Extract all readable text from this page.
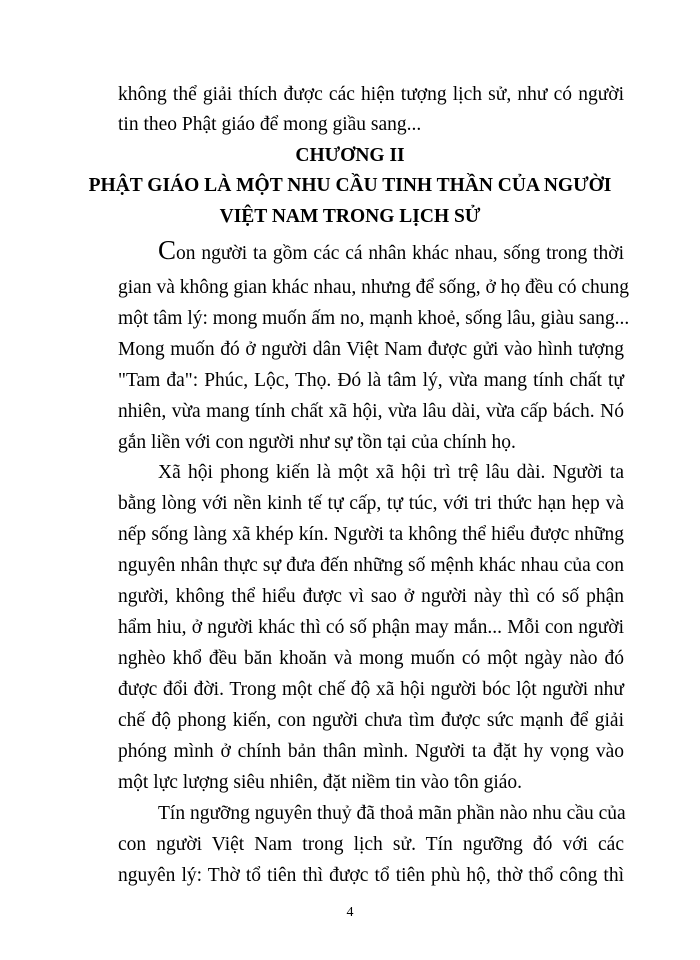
không thể giải thích được các hiện tượng lịch sử, như có người
tin theo Phật giáo để mong giầu sang...
CHƯƠNG II
PHẬT GIÁO LÀ MỘT NHU CẦU TINH THẦN CỦA NGƯỜI
VIỆT NAM TRONG LỊCH SỬ
Con người ta gồm các cá nhân khác nhau, sống trong thời
gian và không gian khác nhau, nhưng để sống, ở họ đều có chung
một tâm lý: mong muốn ấm no, mạnh khoẻ, sống lâu, giàu sang...
Mong muốn đó ở người dân Việt Nam được gửi vào hình tượng
"Tam đa": Phúc, Lộc, Thọ. Đó là tâm lý, vừa mang tính chất tự
nhiên, vừa mang tính chất xã hội, vừa lâu dài, vừa cấp bách. Nó
gắn liền với con người như sự tồn tại của chính họ.
Xã hội phong kiến là một xã hội trì trệ lâu dài. Người ta
bằng lòng với nền kinh tế tự cấp, tự túc, với tri thức hạn hẹp và
nếp sống làng xã khép kín. Người ta không thể hiểu được những
nguyên nhân thực sự đưa đến những số mệnh khác nhau của con
người, không thể hiểu được vì sao ở người này thì có số phận
hẩm hiu, ở người khác thì có số phận may mắn... Mỗi con người
nghèo khổ đều băn khoăn và mong muốn có một ngày nào đó
được đổi đời. Trong một chế độ xã hội người bóc lột người như
chế độ phong kiến, con người chưa tìm được sức mạnh để giải
phóng mình ở chính bản thân mình. Người ta đặt hy vọng vào
một lực lượng siêu nhiên, đặt niềm tin vào tôn giáo.
Tín ngưỡng nguyên thuỷ đã thoả mãn phần nào nhu cầu của
con người Việt Nam trong lịch sử. Tín ngưỡng đó với các
nguyên lý: Thờ tổ tiên thì được tổ tiên phù hộ, thờ thổ công thì
4
